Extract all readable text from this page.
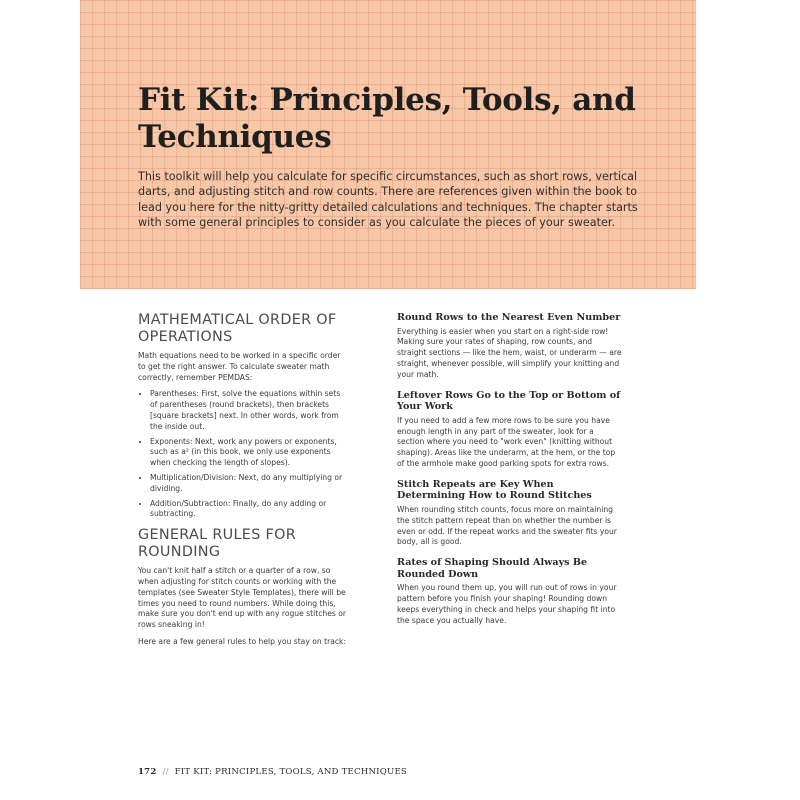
Fit Kit: Principles, Tools, and Techniques

This toolkit will help you calculate for specific circumstances, such as short rows, vertical darts, and adjusting stitch and row counts. There are references given within the book to lead you here for the nitty-gritty detailed calculations and techniques. The chapter starts with some general principles to consider as you calculate the pieces of your sweater.

MATHEMATICAL ORDER OF OPERATIONS

Math equations need to be worked in a specific order to get the right answer. To calculate sweater math correctly, remember PEMDAS:

• Parentheses: First, solve the equations within sets of parentheses (round brackets), then brackets [square brackets] next. In other words, work from the inside out.
• Exponents: Next, work any powers or exponents, such as a² (in this book, we only use exponents when checking the length of slopes).
• Multiplication/Division: Next, do any multiplying or dividing.
• Addition/Subtraction: Finally, do any adding or subtracting.
GENERAL RULES FOR ROUNDING

You can't knit half a stitch or a quarter of a row, so when adjusting for stitch counts or working with the templates (see Sweater Style Templates), there will be times you need to round numbers. While doing this, make sure you don't end up with any rogue stitches or rows sneaking in!

Here are a few general rules to help you stay on track:

Round Rows to the Nearest Even Number

Everything is easier when you start on a right-side row! Making sure your rates of shaping, row counts, and straight sections — like the hem, waist, or underarm — are straight, whenever possible, will simplify your knitting and your math.

Leftover Rows Go to the Top or Bottom of Your Work

If you need to add a few more rows to be sure you have enough length in any part of the sweater, look for a section where you need to "work even" (knitting without shaping). Areas like the underarm, at the hem, or the top of the armhole make good parking spots for extra rows.

Stitch Repeats are Key When Determining How to Round Stitches

When rounding stitch counts, focus more on maintaining the stitch pattern repeat than on whether the number is even or odd. If the repeat works and the sweater fits your body, all is good.

Rates of Shaping Should Always Be Rounded Down

When you round them up, you will run out of rows in your pattern before you finish your shaping! Rounding down keeps everything in check and helps your shaping fit into the space you actually have.

172 // FIT KIT: PRINCIPLES, TOOLS, AND TECHNIQUES
